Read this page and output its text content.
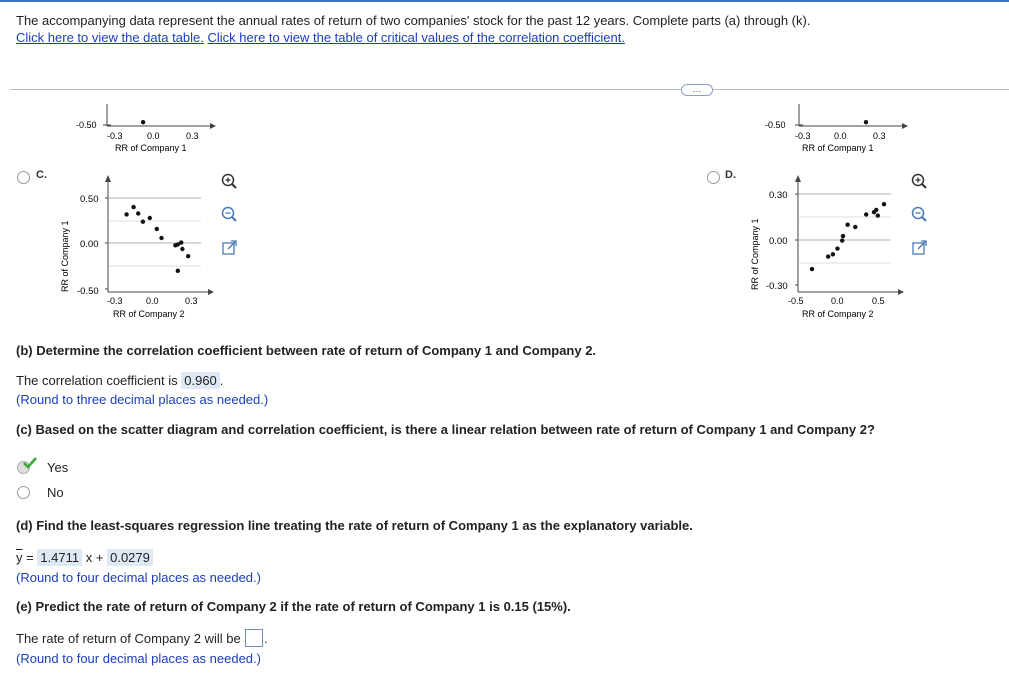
The accompanying data represent the annual rates of return of two companies' stock for the past 12 years. Complete parts (a) through (k).
Click here to view the data table. Click here to view the table of critical values of the correlation coefficient.
…
-0.50
-0.3	0.0	0.3
RR of Company 1
C.
0.50
0.00
-0.50
-0.3	0.0	0.3
RR of Company 2
RR of Company 1
-0.50
-0.3	0.0	0.3
RR of Company 1
D.
0.30
0.00
-0.30
-0.5	0.0	0.5
RR of Company 2
RR of Company 1
(b) Determine the correlation coefficient between rate of return of Company 1 and Company 2.
The correlation coefficient is 0.960 .
(Round to three decimal places as needed.)
(c) Based on the scatter diagram and correlation coefficient, is there a linear relation between rate of return of Company 1 and Company 2?
Yes
No
(d) Find the least-squares regression line treating the rate of return of Company 1 as the explanatory variable.
$\overline{y} = 1.4711$ x + 0.0279
(Round to four decimal places as needed.)
(e) Predict the rate of return of Company 2 if the rate of return of Company 1 is 0.15 (15%).
The rate of return of Company 2 will be .
(Round to four decimal places as needed.)
